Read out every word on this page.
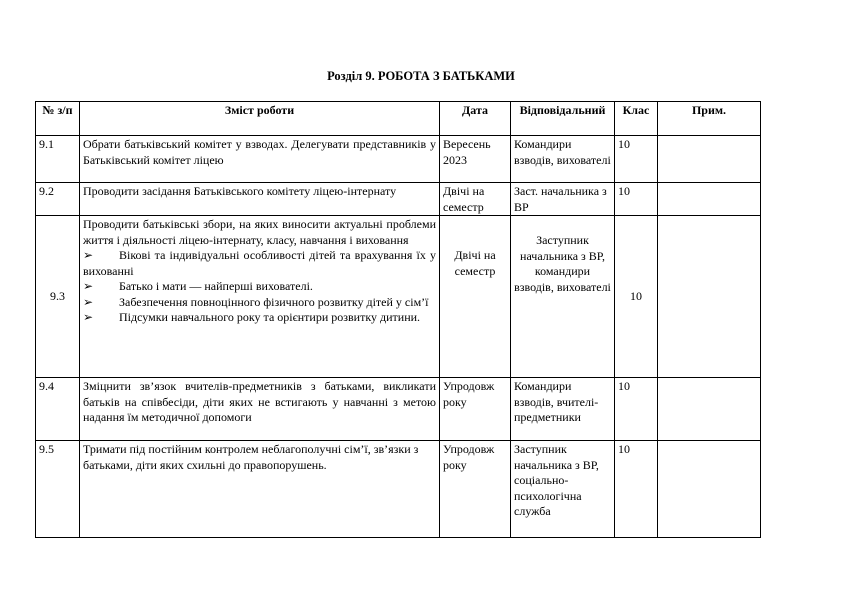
Розділ 9. РОБОТА З БАТЬКАМИ
№ з/п	Зміст роботи	Дата	Відповідальний	Клас	Прим.
9.1	Обрати батьківський комітет у взводах. Делегувати представників у Батьківський комітет ліцею	Вересень 2023	Командири взводів, вихователі	10	
9.2	Проводити засідання Батьківського комітету ліцею-інтернату	Двічі на семестр	Заст. начальника з ВР	10	
9.3	Проводити батьківські збори, на яких виносити актуальні проблеми життя і діяльності ліцею-інтернату, класу, навчання і виховання
➢ Вікові та індивідуальні особливості дітей та врахування їх у вихованні
➢ Батько і мати — найперші вихователі.
➢ Забезпечення повноцінного фізичного розвитку дітей у сім’ї
➢ Підсумки навчального року та орієнтири розвитку дитини.	Двічі на семестр	Заступник начальника з ВР, командири взводів, вихователі	10	
9.4	Зміцнити зв’язок вчителів-предметників з батьками, викликати батьків на співбесіди, діти яких не встигають у навчанні з метою надання їм методичної допомоги	Упродовж року	Командири взводів, вчителі-предметники	10	
9.5	Тримати під постійним контролем неблагополучні сім’ї, зв’язки з батьками, діти яких схильні до правопорушень.	Упродовж року	Заступник начальника з ВР, соціально-психологічна служба	10	
